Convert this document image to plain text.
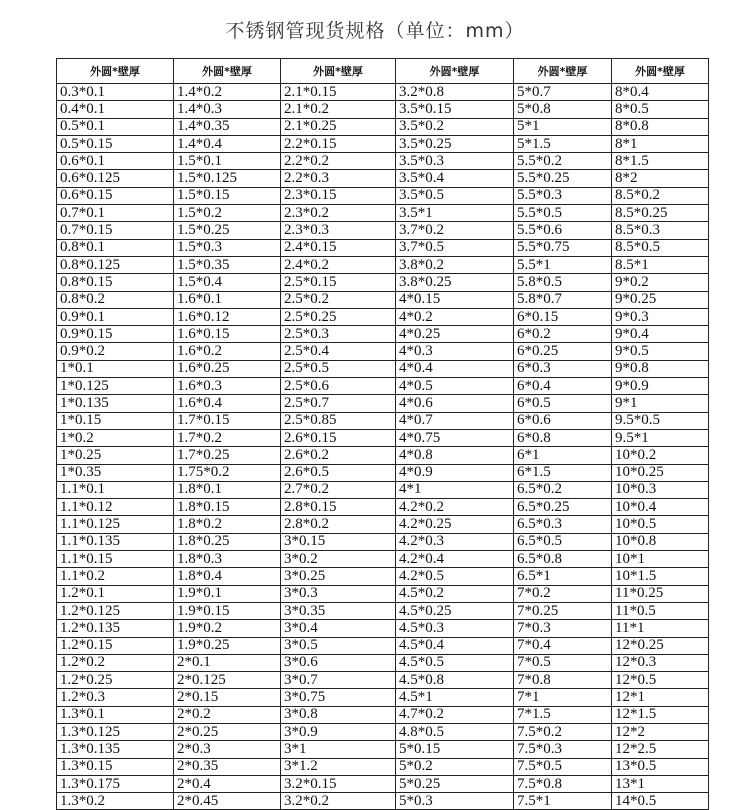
不锈钢管现货规格（单位：mm）
外圆*壁厚	外圆*壁厚	外圆*壁厚	外圆*壁厚	外圆*壁厚	外圆*壁厚
0.3*0.1	1.4*0.2	2.1*0.15	3.2*0.8	5*0.7	8*0.4
0.4*0.1	1.4*0.3	2.1*0.2	3.5*0.15	5*0.8	8*0.5
0.5*0.1	1.4*0.35	2.1*0.25	3.5*0.2	5*1	8*0.8
0.5*0.15	1.4*0.4	2.2*0.15	3.5*0.25	5*1.5	8*1
0.6*0.1	1.5*0.1	2.2*0.2	3.5*0.3	5.5*0.2	8*1.5
0.6*0.125	1.5*0.125	2.2*0.3	3.5*0.4	5.5*0.25	8*2
0.6*0.15	1.5*0.15	2.3*0.15	3.5*0.5	5.5*0.3	8.5*0.2
0.7*0.1	1.5*0.2	2.3*0.2	3.5*1	5.5*0.5	8.5*0.25
0.7*0.15	1.5*0.25	2.3*0.3	3.7*0.2	5.5*0.6	8.5*0.3
0.8*0.1	1.5*0.3	2.4*0.15	3.7*0.5	5.5*0.75	8.5*0.5
0.8*0.125	1.5*0.35	2.4*0.2	3.8*0.2	5.5*1	8.5*1
0.8*0.15	1.5*0.4	2.5*0.15	3.8*0.25	5.8*0.5	9*0.2
0.8*0.2	1.6*0.1	2.5*0.2	4*0.15	5.8*0.7	9*0.25
0.9*0.1	1.6*0.12	2.5*0.25	4*0.2	6*0.15	9*0.3
0.9*0.15	1.6*0.15	2.5*0.3	4*0.25	6*0.2	9*0.4
0.9*0.2	1.6*0.2	2.5*0.4	4*0.3	6*0.25	9*0.5
1*0.1	1.6*0.25	2.5*0.5	4*0.4	6*0.3	9*0.8
1*0.125	1.6*0.3	2.5*0.6	4*0.5	6*0.4	9*0.9
1*0.135	1.6*0.4	2.5*0.7	4*0.6	6*0.5	9*1
1*0.15	1.7*0.15	2.5*0.85	4*0.7	6*0.6	9.5*0.5
1*0.2	1.7*0.2	2.6*0.15	4*0.75	6*0.8	9.5*1
1*0.25	1.7*0.25	2.6*0.2	4*0.8	6*1	10*0.2
1*0.35	1.75*0.2	2.6*0.5	4*0.9	6*1.5	10*0.25
1.1*0.1	1.8*0.1	2.7*0.2	4*1	6.5*0.2	10*0.3
1.1*0.12	1.8*0.15	2.8*0.15	4.2*0.2	6.5*0.25	10*0.4
1.1*0.125	1.8*0.2	2.8*0.2	4.2*0.25	6.5*0.3	10*0.5
1.1*0.135	1.8*0.25	3*0.15	4.2*0.3	6.5*0.5	10*0.8
1.1*0.15	1.8*0.3	3*0.2	4.2*0.4	6.5*0.8	10*1
1.1*0.2	1.8*0.4	3*0.25	4.2*0.5	6.5*1	10*1.5
1.2*0.1	1.9*0.1	3*0.3	4.5*0.2	7*0.2	11*0.25
1.2*0.125	1.9*0.15	3*0.35	4.5*0.25	7*0.25	11*0.5
1.2*0.135	1.9*0.2	3*0.4	4.5*0.3	7*0.3	11*1
1.2*0.15	1.9*0.25	3*0.5	4.5*0.4	7*0.4	12*0.25
1.2*0.2	2*0.1	3*0.6	4.5*0.5	7*0.5	12*0.3
1.2*0.25	2*0.125	3*0.7	4.5*0.8	7*0.8	12*0.5
1.2*0.3	2*0.15	3*0.75	4.5*1	7*1	12*1
1.3*0.1	2*0.2	3*0.8	4.7*0.2	7*1.5	12*1.5
1.3*0.125	2*0.25	3*0.9	4.8*0.5	7.5*0.2	12*2
1.3*0.135	2*0.3	3*1	5*0.15	7.5*0.3	12*2.5
1.3*0.15	2*0.35	3*1.2	5*0.2	7.5*0.5	13*0.5
1.3*0.175	2*0.4	3.2*0.15	5*0.25	7.5*0.8	13*1
1.3*0.2	2*0.45	3.2*0.2	5*0.3	7.5*1	14*0.5
